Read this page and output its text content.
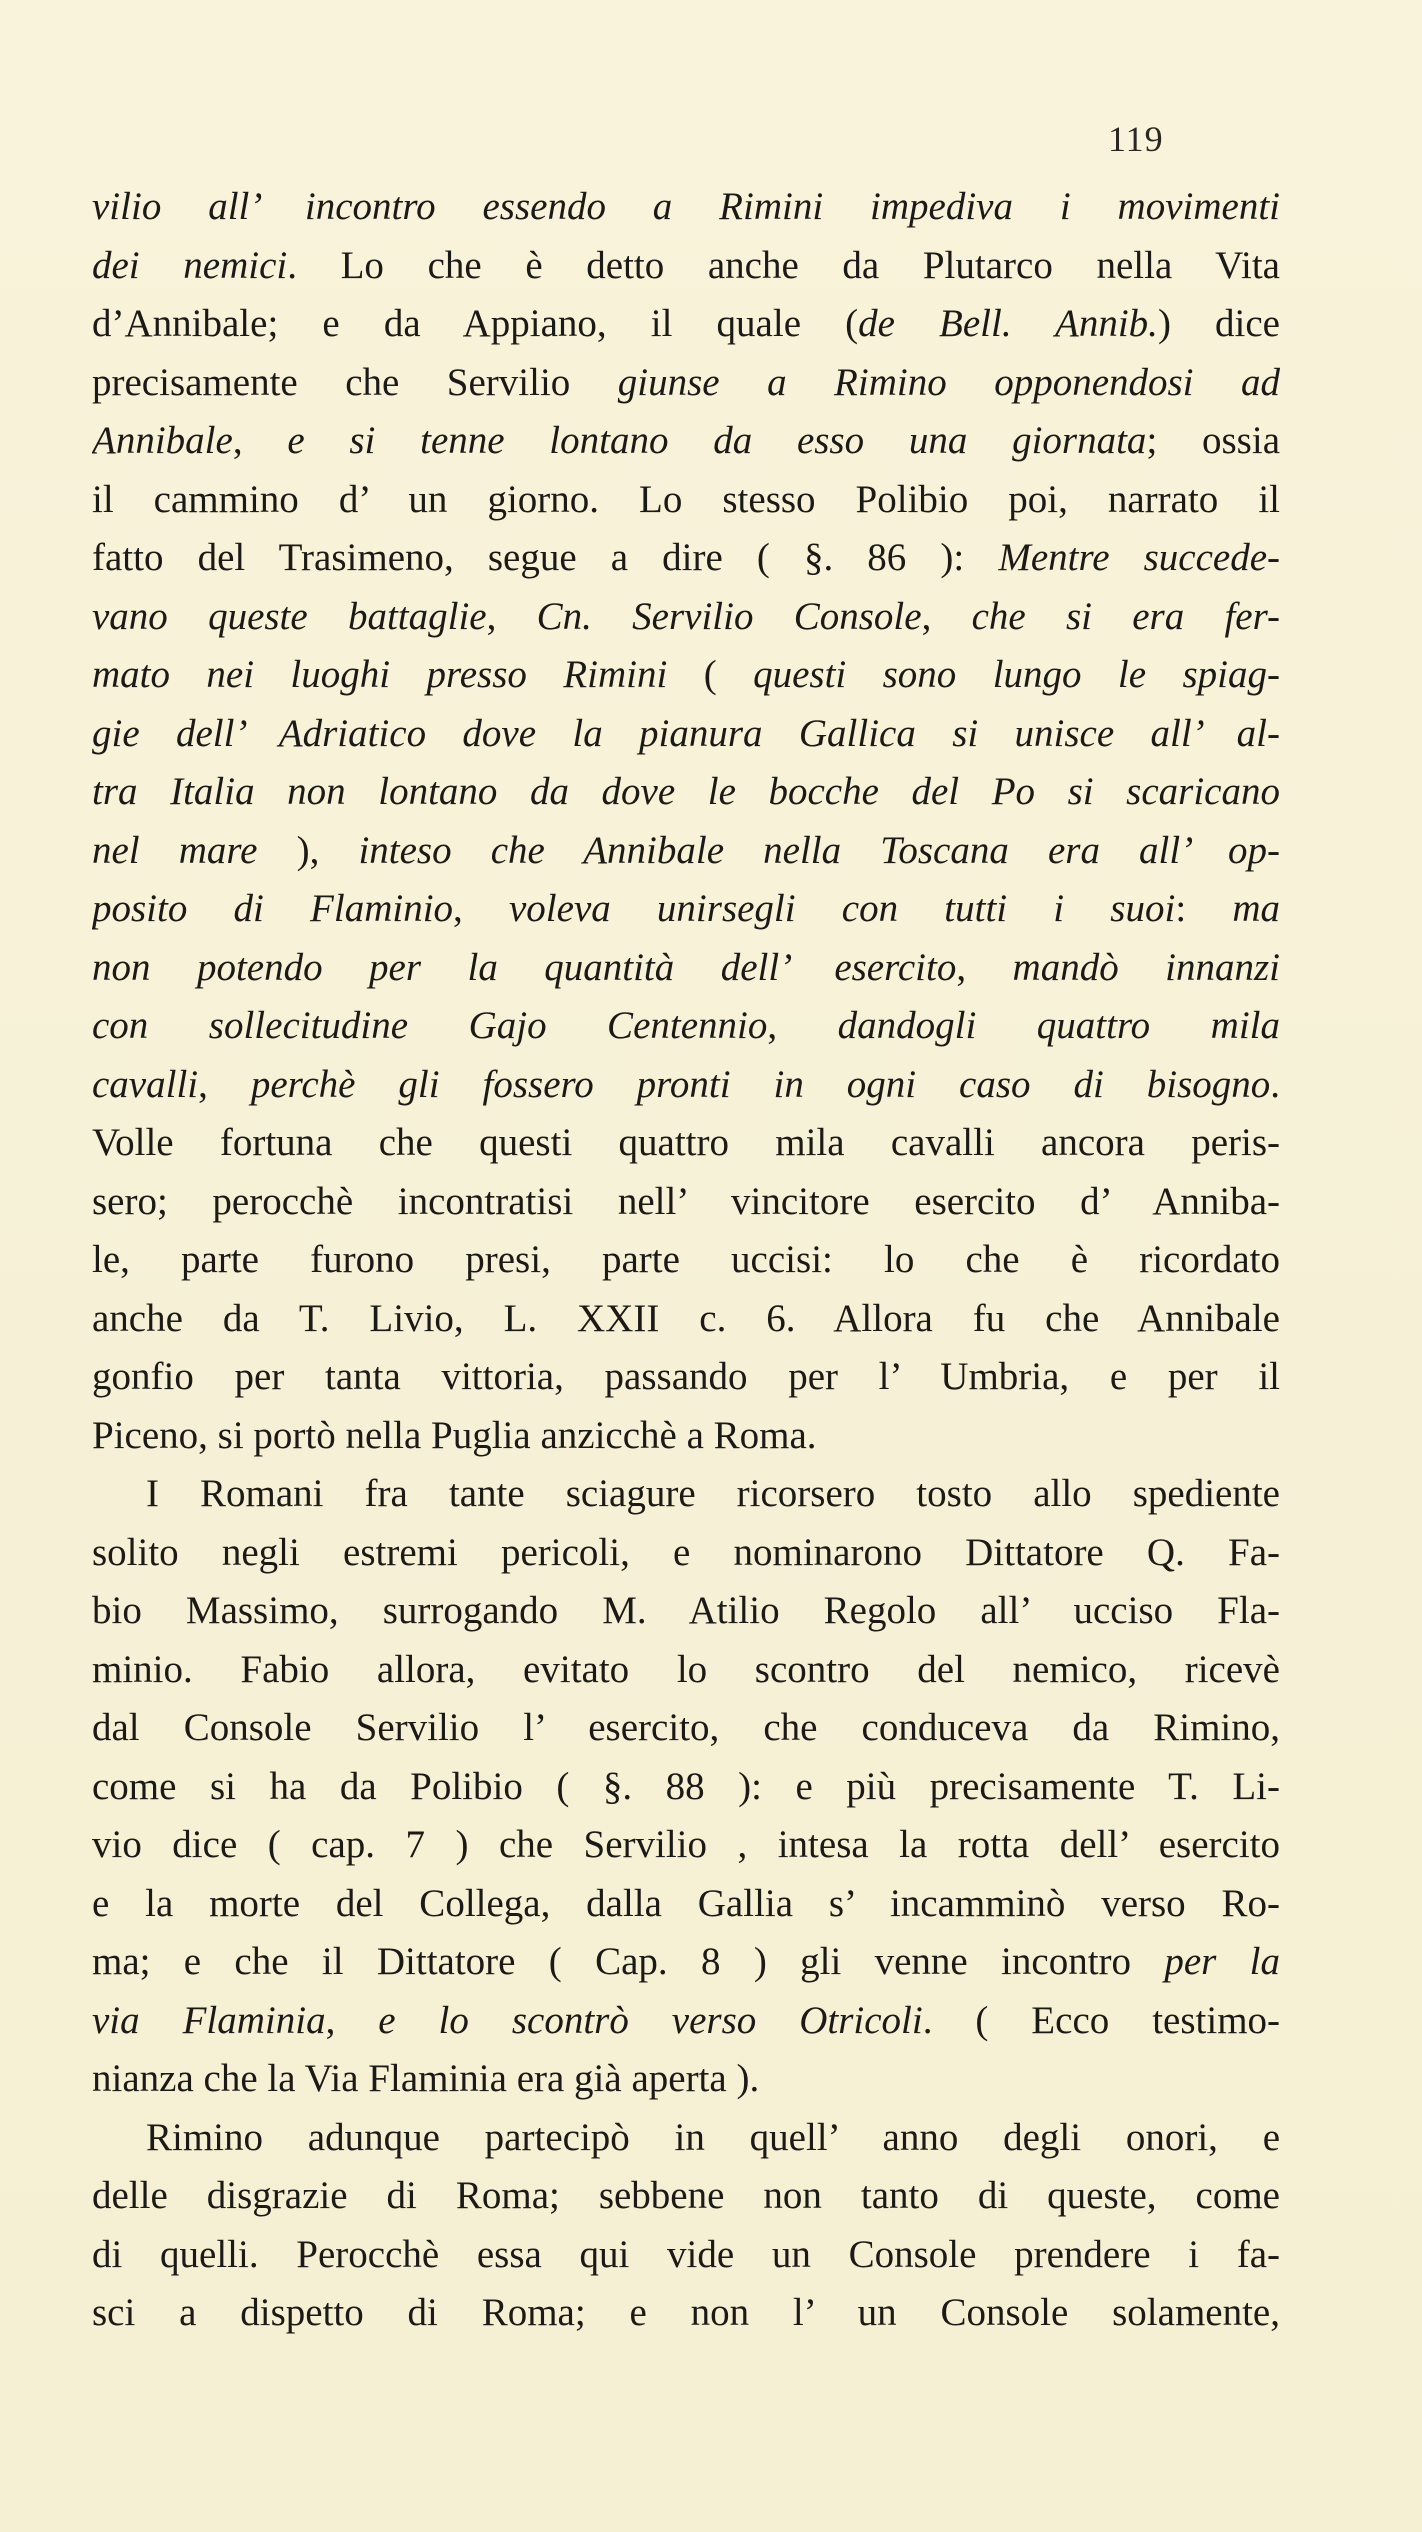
119
vilio all’ incontro essendo a Rimini impediva i movimenti
dei nemici. Lo che è detto anche da Plutarco nella Vita
d’Annibale; e da Appiano, il quale (de Bell. Annib.) dice
precisamente che Servilio giunse a Rimino opponendosi ad
Annibale, e si tenne lontano da esso una giornata; ossia
il cammino d’ un giorno. Lo stesso Polibio poi, narrato il
fatto del Trasimeno, segue a dire ( §. 86 ): Mentre succede-
vano queste battaglie, Cn. Servilio Console, che si era fer-
mato nei luoghi presso Rimini ( questi sono lungo le spiag-
gie dell’ Adriatico dove la pianura Gallica si unisce all’ al-
tra Italia non lontano da dove le bocche del Po si scaricano
nel mare ), inteso che Annibale nella Toscana era all’ op-
posito di Flaminio, voleva unirsegli con tutti i suoi: ma
non potendo per la quantità dell’ esercito, mandò innanzi
con sollecitudine Gajo Centennio, dandogli quattro mila
cavalli, perchè gli fossero pronti in ogni caso di bisogno.
Volle fortuna che questi quattro mila cavalli ancora peris-
sero; perocchè incontratisi nell’ vincitore esercito d’ Anniba-
le, parte furono presi, parte uccisi: lo che è ricordato
anche da T. Livio, L. XXII c. 6. Allora fu che Annibale
gonfio per tanta vittoria, passando per l’ Umbria, e per il
Piceno, si portò nella Puglia anzicchè a Roma.
I Romani fra tante sciagure ricorsero tosto allo spediente
solito negli estremi pericoli, e nominarono Dittatore Q. Fa-
bio Massimo, surrogando M. Atilio Regolo all’ ucciso Fla-
minio. Fabio allora, evitato lo scontro del nemico, ricevè
dal Console Servilio l’ esercito, che conduceva da Rimino,
come si ha da Polibio ( §. 88 ): e più precisamente T. Li-
vio dice ( cap. 7 ) che Servilio , intesa la rotta dell’ esercito
e la morte del Collega, dalla Gallia s’ incamminò verso Ro-
ma; e che il Dittatore ( Cap. 8 ) gli venne incontro per la
via Flaminia, e lo scontrò verso Otricoli. ( Ecco testimo-
nianza che la Via Flaminia era già aperta ).
Rimino adunque partecipò in quell’ anno degli onori, e
delle disgrazie di Roma; sebbene non tanto di queste, come
di quelli. Perocchè essa qui vide un Console prendere i fa-
sci a dispetto di Roma; e non l’ un Console solamente,
